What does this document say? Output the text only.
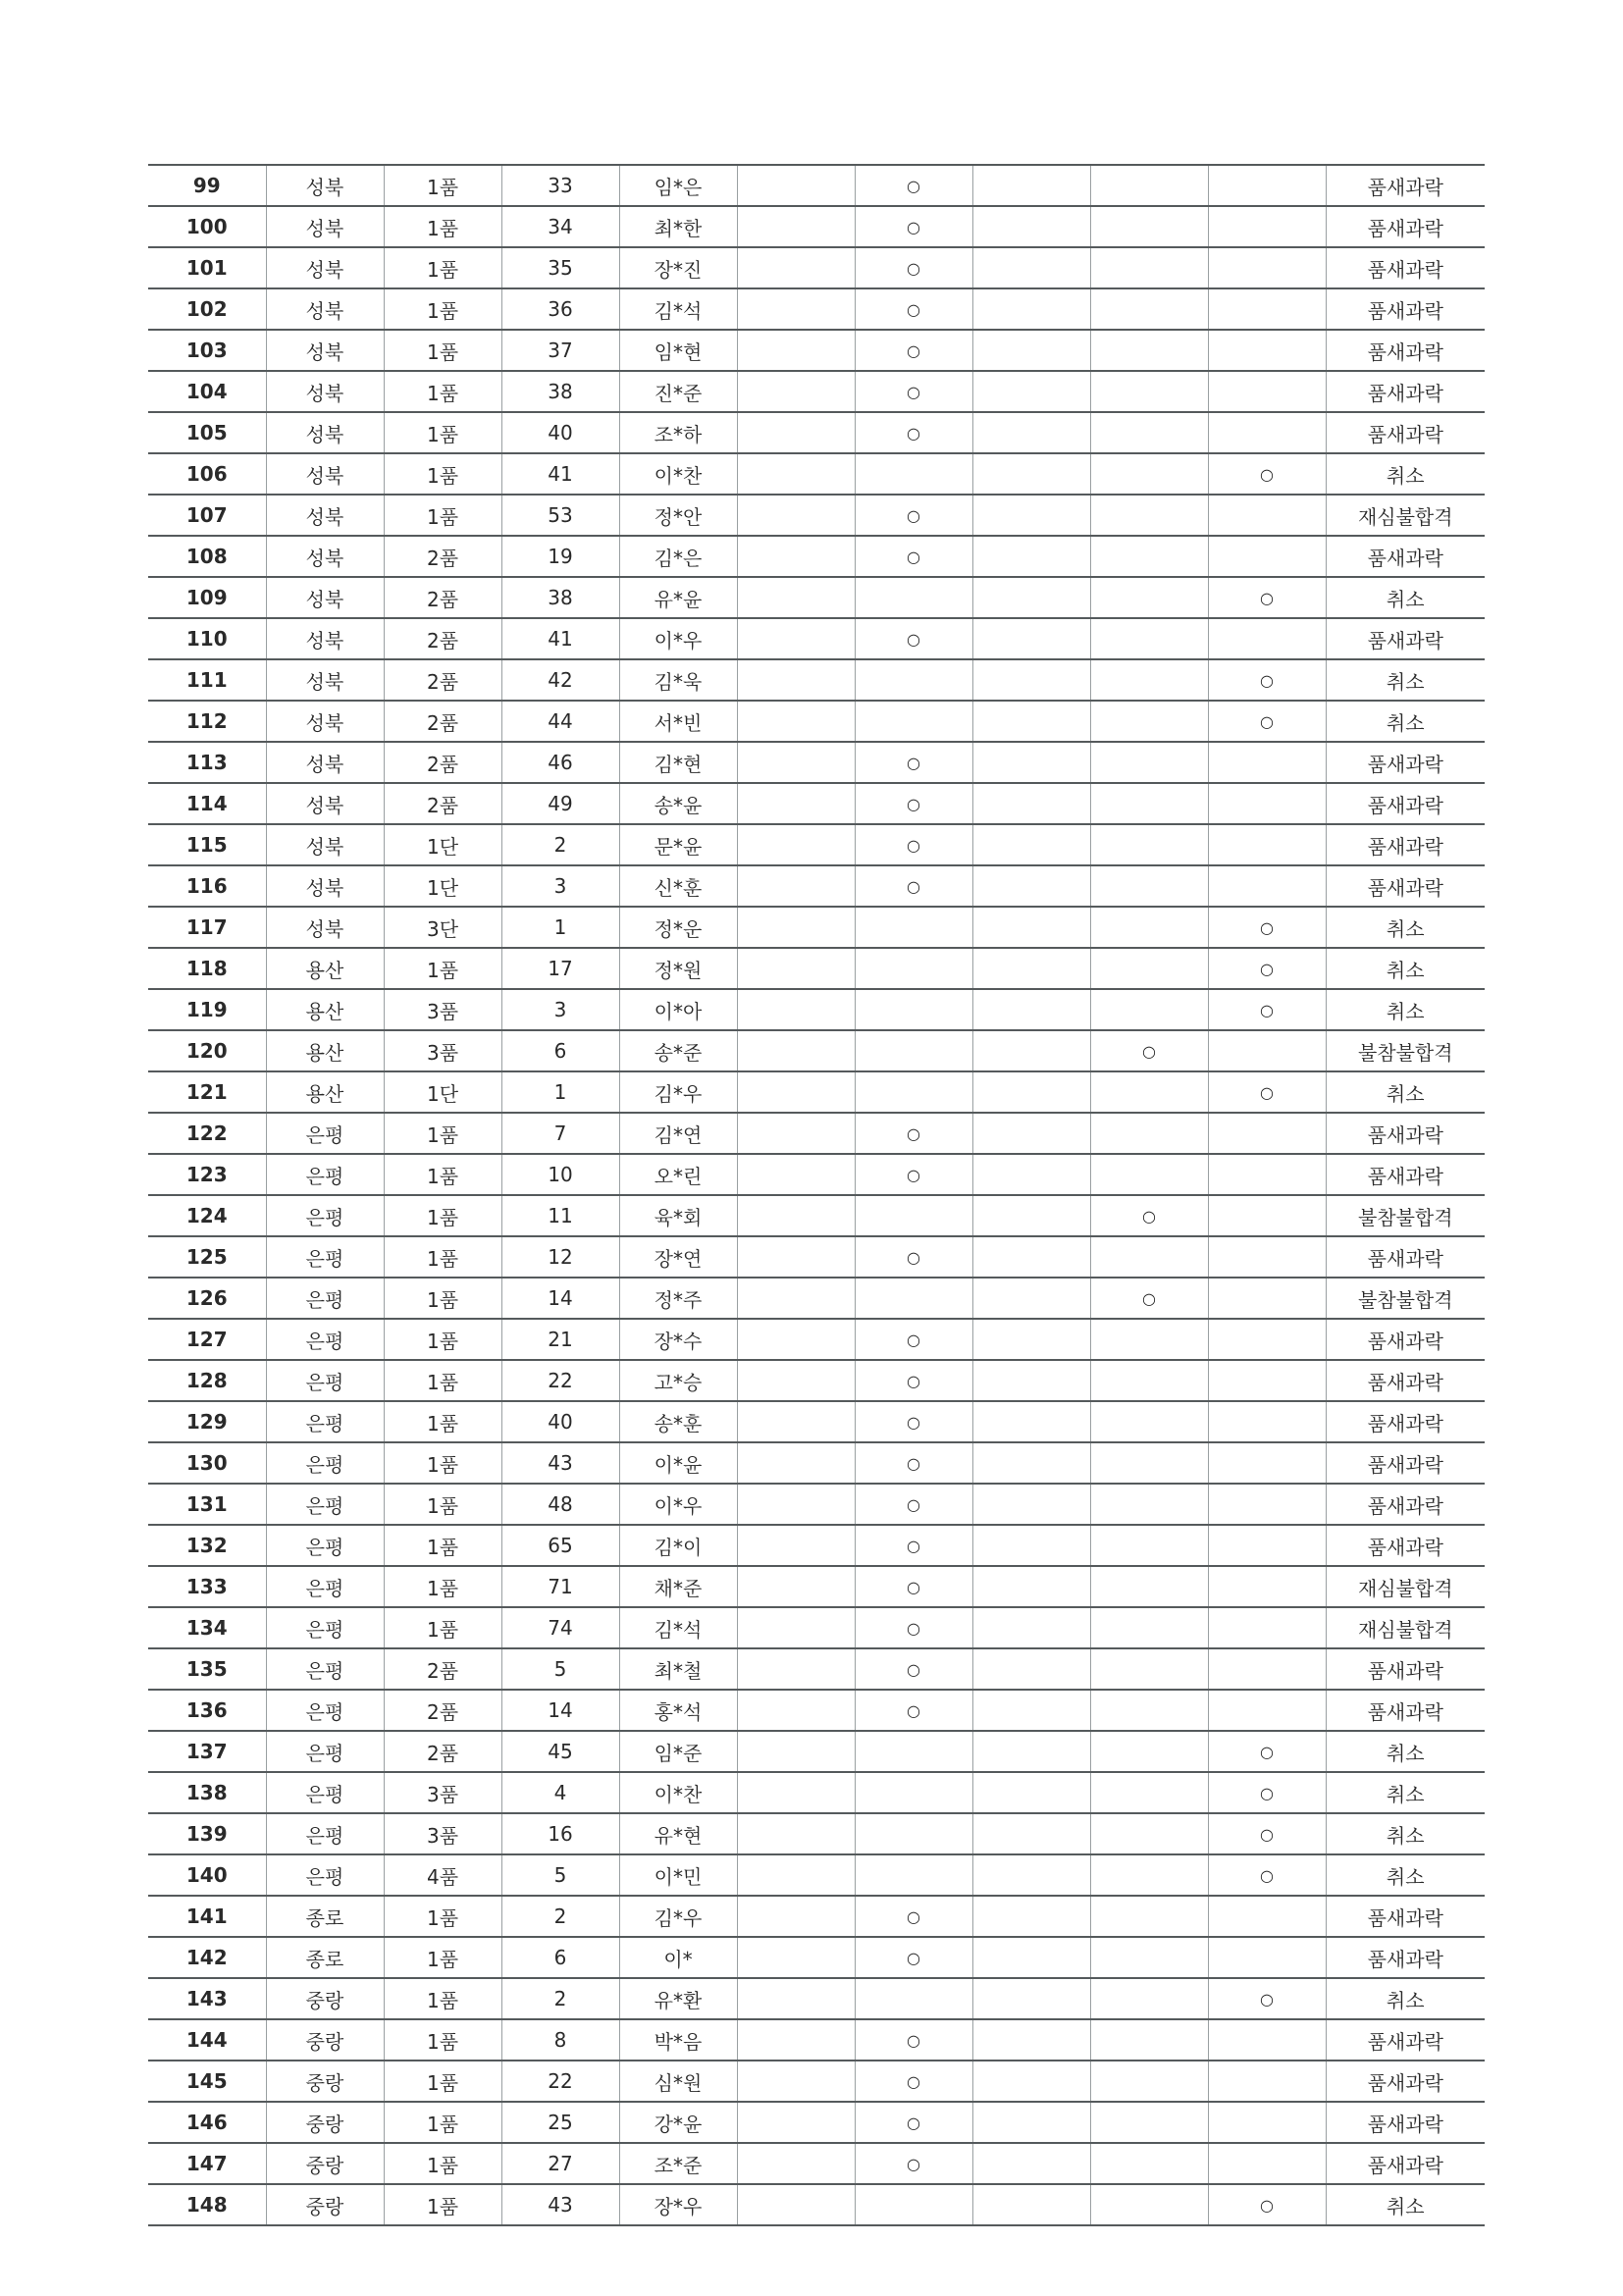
99	성북	1품	33	임*은		○				품새과락
100	성북	1품	34	최*한		○				품새과락
101	성북	1품	35	장*진		○				품새과락
102	성북	1품	36	김*석		○				품새과락
103	성북	1품	37	임*현		○				품새과락
104	성북	1품	38	진*준		○				품새과락
105	성북	1품	40	조*하		○				품새과락
106	성북	1품	41	이*찬					○	취소
107	성북	1품	53	정*안		○				재심불합격
108	성북	2품	19	김*은		○				품새과락
109	성북	2품	38	유*윤					○	취소
110	성북	2품	41	이*우		○				품새과락
111	성북	2품	42	김*욱					○	취소
112	성북	2품	44	서*빈					○	취소
113	성북	2품	46	김*현		○				품새과락
114	성북	2품	49	송*윤		○				품새과락
115	성북	1단	2	문*윤		○				품새과락
116	성북	1단	3	신*훈		○				품새과락
117	성북	3단	1	정*운					○	취소
118	용산	1품	17	정*원					○	취소
119	용산	3품	3	이*아					○	취소
120	용산	3품	6	송*준				○		불참불합격
121	용산	1단	1	김*우					○	취소
122	은평	1품	7	김*연		○				품새과락
123	은평	1품	10	오*린		○				품새과락
124	은평	1품	11	육*회				○		불참불합격
125	은평	1품	12	장*연		○				품새과락
126	은평	1품	14	정*주				○		불참불합격
127	은평	1품	21	장*수		○				품새과락
128	은평	1품	22	고*승		○				품새과락
129	은평	1품	40	송*훈		○				품새과락
130	은평	1품	43	이*윤		○				품새과락
131	은평	1품	48	이*우		○				품새과락
132	은평	1품	65	김*이		○				품새과락
133	은평	1품	71	채*준		○				재심불합격
134	은평	1품	74	김*석		○				재심불합격
135	은평	2품	5	최*철		○				품새과락
136	은평	2품	14	홍*석		○				품새과락
137	은평	2품	45	임*준					○	취소
138	은평	3품	4	이*찬					○	취소
139	은평	3품	16	유*현					○	취소
140	은평	4품	5	이*민					○	취소
141	종로	1품	2	김*우		○				품새과락
142	종로	1품	6	이*		○				품새과락
143	중랑	1품	2	유*환					○	취소
144	중랑	1품	8	박*음		○				품새과락
145	중랑	1품	22	심*원		○				품새과락
146	중랑	1품	25	강*윤		○				품새과락
147	중랑	1품	27	조*준		○				품새과락
148	중랑	1품	43	장*우					○	취소
